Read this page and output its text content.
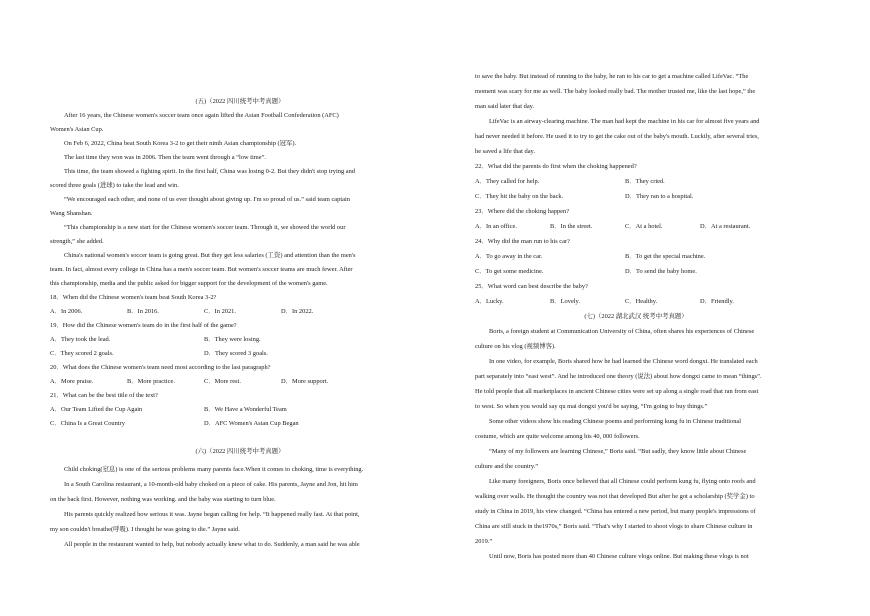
(五)（2022 四川统考中考真题）
After 16 years, the Chinese women's soccer team once again lifted the Asian Football Confederation (AFC)
Women's Asian Cup.
On Feb 6, 2022, China beat South Korea 3-2 to get their ninth Asian championship (冠军).
The last time they won was in 2006. Then the team went through a “low time”.
This time, the team showed a fighting spirit. In the first half, China was losing 0-2. But they didn't stop trying and
scored three goals (进球) to take the lead and win.
“We encouraged each other, and none of us ever thought about giving up. I'm so proud of us.” said team captain
Wang Shanshan.
“This championship is a new start for the Chinese women's soccer team. Through it, we showed the world our
strength,” she added.
China's national women's soccer team is going great. But they get less salaries (工资) and attention than the men's
team. In fact, almost every college in China has a men's soccer team. But women's soccer teams are much fewer. After
this championship, media and the public asked for bigger support for the development of the women's game.
18．When did the Chinese women's team beat South Korea 3-2?
A．In 2006.	B．In 2016.	C．In 2021.	D．In 2022.
19．How did the Chinese women's team do in the first half of the game?
A．They took the lead.	B．They were losing.
C．They scored 2 goals.	D．They scored 3 goals.
20．What does the Chinese women's team need most according to the last paragraph?
A．More praise.	B．More practice.	C．More rest.	D．More support.
21．What can be the best title of the text?
A．Our Team Lifted the Cup Again	B．We Have a Wonderful Team
C．China Is a Great Country	D．AFC Women's Asian Cup Began
(六)（2022 四川统考中考真题）
Child choking(窒息) is one of the serious problems many parents face.When it comes to choking, time is everything.
In a South Carolina restaurant, a 10-month-old baby choked on a piece of cake. His parents, Jayne and Jon, hit him
on the back first. However, nothing was working. and the baby was starting to turn blue.
His parents quickly realized how serious it was. Jayne began calling for help. “It happened really fast. At that point,
my son couldn't breathe(呼吸). I thought he was going to die.” Jayne said.
All people in the restaurant wanted to help, but nobody actually knew what to do. Suddenly, a man said he was able
to save the baby. But instead of running to the baby, he ran to his car to get a machine called LifeVac. “The
moment was scary for me as well. The baby looked really bad. The mother trusted me, like the last hope,” the
man said later that day.
LifeVac is an airway-clearing machine. The man had kept the machine in his car for almost five years and
had never needed it before. He used it to try to get the cake out of the baby's mouth. Luckily, after several tries,
he saved a life that day.
22．What did the parents do first when the choking happened?
A．They called for help.	B．They cried.
C．They hit the baby on the back.	D．They ran to a hospital.
23．Where did the choking happen?
A．In an office.	B．In the street.	C．At a hotel.	D．At a restaurant.
24．Why did the man run to his car?
A．To go away in the car.	B．To get the special machine.
C．To get some medicine.	D．To send the baby home.
25．What word can best describe the baby?
A．Lucky.	B．Lovely.	C．Healthy.	D．Friendly.
(七)（2022 湖北武汉 统考中考真题）
Boris, a foreign student at Communication University of China, often shares his experiences of Chinese
culture on his vlog (视频博客).
In one video, for example, Boris shared how he had learned the Chinese word dongxi. He translated each
part separately into “east west”. And he introduced one theory (说法) about how dongxi came to mean “things”.
He told people that all marketplaces in ancient Chinese cities were set up along a single road that ran from east
to west. So when you would say qu mai dongxi you'd be saying, “I'm going to buy things.”
Some other videos show his reading Chinese poems and performing kung fu in Chinese traditional
costume, which are quite welcome among his 40, 000 followers.
“Many of my followers are learning Chinese,” Boris said. “But sadly, they know little about Chinese
culture and the country.”
Like many foreigners, Boris once believed that all Chinese could perform kung fu, flying onto roofs and
walking over walls. He thought the country was not that developed But after he got a scholarship (奖学金) to
study in China in 2019, his view changed. “China has entered a new period, but many people's impressions of
China are still stuck in the1970s,” Boris said. “That's why I started to shoot vlogs to share Chinese culture in
2019.”
Until now, Boris has posted more than 40 Chinese culture vlogs online. But making these vlogs is not
